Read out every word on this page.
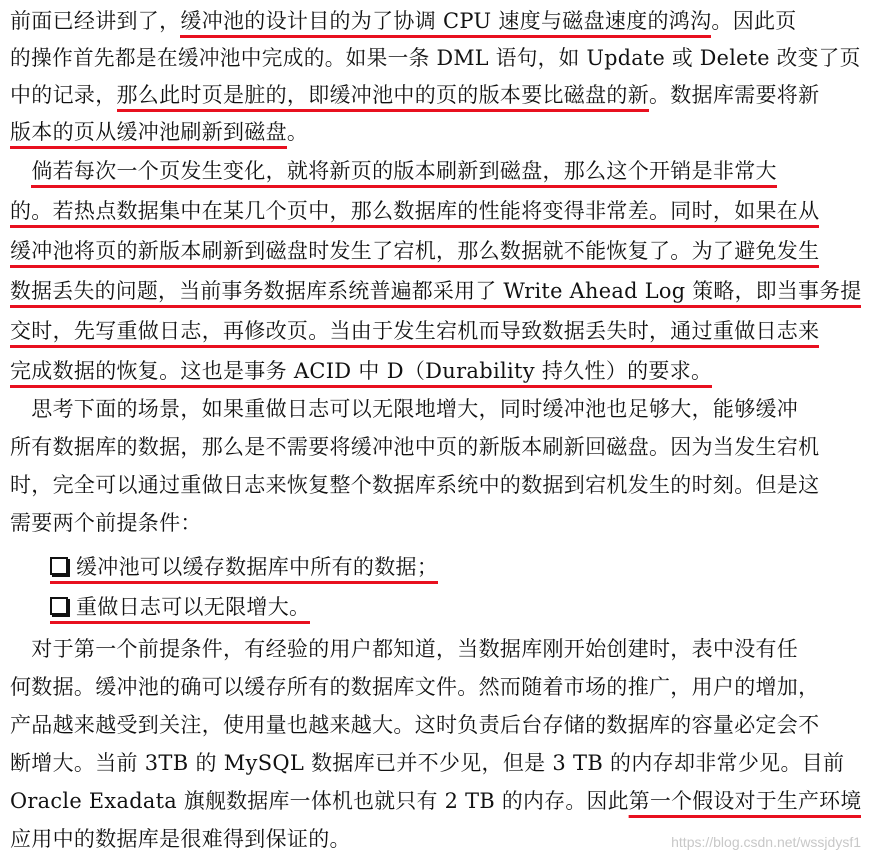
前面已经讲到了，缓冲池的设计目的为了协调 CPU 速度与磁盘速度的鸿沟。因此页
的操作首先都是在缓冲池中完成的。如果一条 DML 语句，如 Update 或 Delete 改变了页
中的记录，那么此时页是脏的，即缓冲池中的页的版本要比磁盘的新。数据库需要将新
版本的页从缓冲池刷新到磁盘。
　倘若每次一个页发生变化，就将新页的版本刷新到磁盘，那么这个开销是非常大
的。若热点数据集中在某几个页中，那么数据库的性能将变得非常差。同时，如果在从
缓冲池将页的新版本刷新到磁盘时发生了宕机，那么数据就不能恢复了。为了避免发生
数据丢失的问题，当前事务数据库系统普遍都采用了 Write Ahead Log 策略，即当事务提
交时，先写重做日志，再修改页。当由于发生宕机而导致数据丢失时，通过重做日志来
完成数据的恢复。这也是事务 ACID 中 D（Durability 持久性）的要求。
　思考下面的场景，如果重做日志可以无限地增大，同时缓冲池也足够大，能够缓冲
所有数据库的数据，那么是不需要将缓冲池中页的新版本刷新回磁盘。因为当发生宕机
时，完全可以通过重做日志来恢复整个数据库系统中的数据到宕机发生的时刻。但是这
需要两个前提条件：
缓冲池可以缓存数据库中所有的数据；
重做日志可以无限增大。
　对于第一个前提条件，有经验的用户都知道，当数据库刚开始创建时，表中没有任
何数据。缓冲池的确可以缓存所有的数据库文件。然而随着市场的推广，用户的增加，
产品越来越受到关注，使用量也越来越大。这时负责后台存储的数据库的容量必定会不
断增大。当前 3TB 的 MySQL 数据库已并不少见，但是 3 TB 的内存却非常少见。目前
Oracle Exadata 旗舰数据库一体机也就只有 2 TB 的内存。因此第一个假设对于生产环境
应用中的数据库是很难得到保证的。	https://blog.csdn.net/wssjdysf1
